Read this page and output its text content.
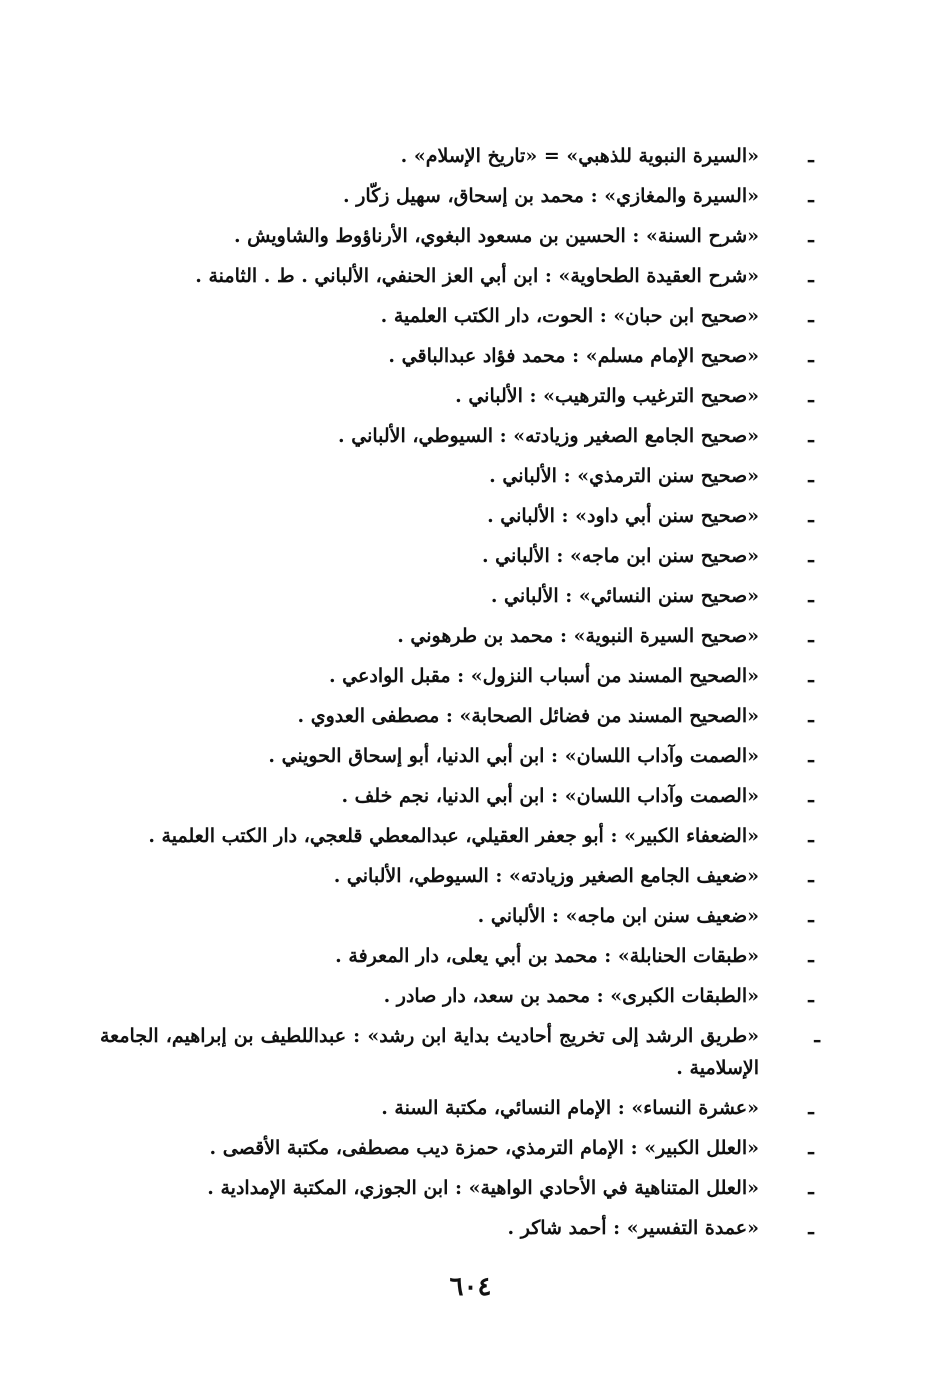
ـ
«السيرة النبوية للذهبي» = «تاريخ الإسلام» .
ـ
«السيرة والمغازي» : محمد بن إسحاق، سهيل زكّار .
ـ
«شرح السنة» : الحسين بن مسعود البغوي، الأرناؤوط والشاويش .
ـ
«شرح العقيدة الطحاوية» : ابن أبي العز الحنفي، الألباني . ط . الثامنة .
ـ
«صحيح ابن حبان» : الحوت، دار الكتب العلمية .
ـ
«صحيح الإمام مسلم» : محمد فؤاد عبدالباقي .
ـ
«صحيح الترغيب والترهيب» : الألباني .
ـ
«صحيح الجامع الصغير وزيادته» : السيوطي، الألباني .
ـ
«صحيح سنن الترمذي» : الألباني .
ـ
«صحيح سنن أبي داود» : الألباني .
ـ
«صحيح سنن ابن ماجه» : الألباني .
ـ
«صحيح سنن النسائي» : الألباني .
ـ
«صحيح السيرة النبوية» : محمد بن طرهوني .
ـ
«الصحيح المسند من أسباب النزول» : مقبل الوادعي .
ـ
«الصحيح المسند من فضائل الصحابة» : مصطفى العدوي .
ـ
«الصمت وآداب اللسان» : ابن أبي الدنيا، أبو إسحاق الحويني .
ـ
«الصمت وآداب اللسان» : ابن أبي الدنيا، نجم خلف .
ـ
«الضعفاء الكبير» : أبو جعفر العقيلي، عبدالمعطي قلعجي، دار الكتب العلمية .
ـ
«ضعيف الجامع الصغير وزيادته» : السيوطي، الألباني .
ـ
«ضعيف سنن ابن ماجه» : الألباني .
ـ
«طبقات الحنابلة» : محمد بن أبي يعلى، دار المعرفة .
ـ
«الطبقات الكبرى» : محمد بن سعد، دار صادر .
ـ
«طريق الرشد إلى تخريج أحاديث بداية ابن رشد» : عبداللطيف بن إبراهيم، الجامعة الإسلامية .
ـ
«عشرة النساء» : الإمام النسائي، مكتبة السنة .
ـ
«العلل الكبير» : الإمام الترمذي، حمزة ديب مصطفى، مكتبة الأقصى .
ـ
«العلل المتناهية في الأحادي الواهية» : ابن الجوزي، المكتبة الإمدادية .
ـ
«عمدة التفسير» : أحمد شاكر .
٦٠٤
